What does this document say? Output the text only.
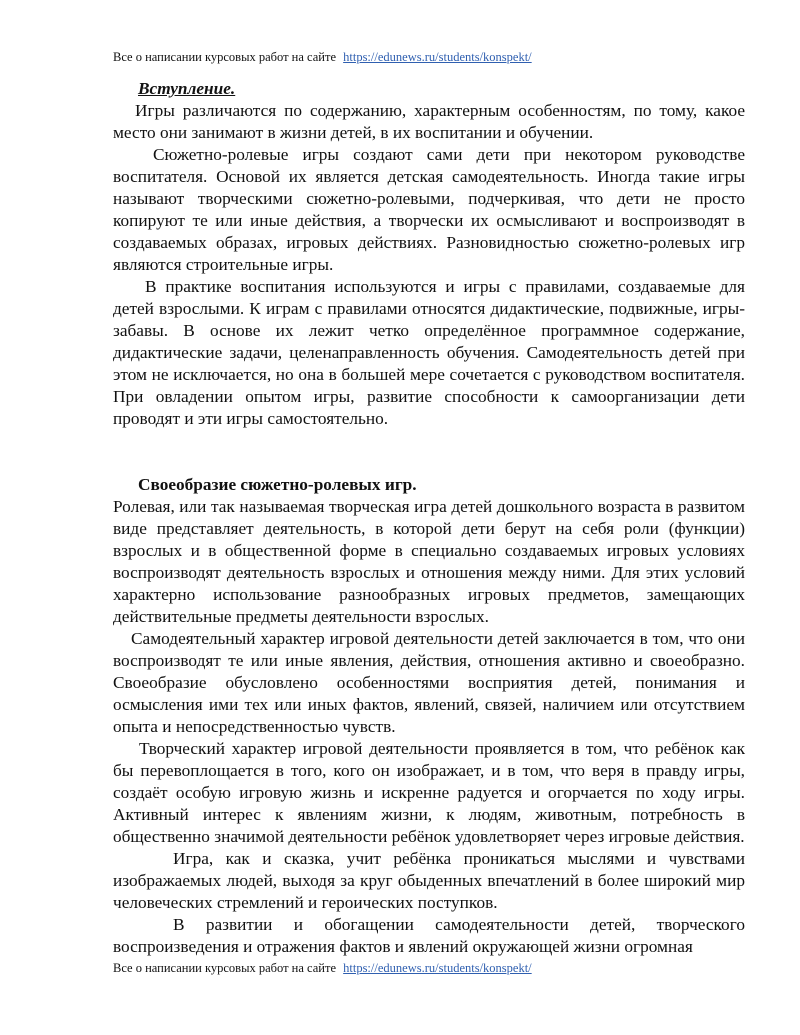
Все о написании курсовых работ на сайте https://edunews.ru/students/konspekt/

Вступление.

Игры различаются по содержанию, характерным особенностям, по тому, какое место они занимают в жизни детей, в их воспитании и обучении.

Сюжетно-ролевые игры создают сами дети при некотором руководстве воспитателя. Основой их является детская самодеятельность. Иногда такие игры называют творческими сюжетно-ролевыми, подчеркивая, что дети не просто копируют те или иные действия, а творчески их осмысливают и воспроизводят в создаваемых образах, игровых действиях. Разновидностью сюжетно-ролевых игр являются строительные игры.

В практике воспитания используются и игры с правилами, создаваемые для детей взрослыми. К играм с правилами относятся дидактические, подвижные, игры-забавы. В основе их лежит четко определённое программное содержание, дидактические задачи, целенаправленность обучения. Самодеятельность детей при этом не исключается, но она в большей мере сочетается с руководством воспитателя. При овладении опытом игры, развитие способности к самоорганизации дети проводят и эти игры самостоятельно.

Своеобразие сюжетно-ролевых игр.

Ролевая, или так называемая творческая игра детей дошкольного возраста в развитом виде представляет деятельность, в которой дети берут на себя роли (функции) взрослых и в общественной форме в специально создаваемых игровых условиях воспроизводят деятельность взрослых и отношения между ними. Для этих условий характерно использование разнообразных игровых предметов, замещающих действительные предметы деятельности взрослых.

Самодеятельный характер игровой деятельности детей заключается в том, что они воспроизводят те или иные явления, действия, отношения активно и своеобразно. Своеобразие обусловлено особенностями восприятия детей, понимания и осмысления ими тех или иных фактов, явлений, связей, наличием или отсутствием опыта и непосредственностью чувств.

Творческий характер игровой деятельности проявляется в том, что ребёнок как бы перевоплощается в того, кого он изображает, и в том, что веря в правду игры, создаёт особую игровую жизнь и искренне радуется и огорчается по ходу игры. Активный интерес к явлениям жизни, к людям, животным, потребность в общественно значимой деятельности ребёнок удовлетворяет через игровые действия.

Игра, как и сказка, учит ребёнка проникаться мыслями и чувствами изображаемых людей, выходя за круг обыденных впечатлений в более широкий мир человеческих стремлений и героических поступков.

В развитии и обогащении самодеятельности детей, творческого воспроизведения и отражения фактов и явлений окружающей жизни огромная

Все о написании курсовых работ на сайте https://edunews.ru/students/konspekt/
